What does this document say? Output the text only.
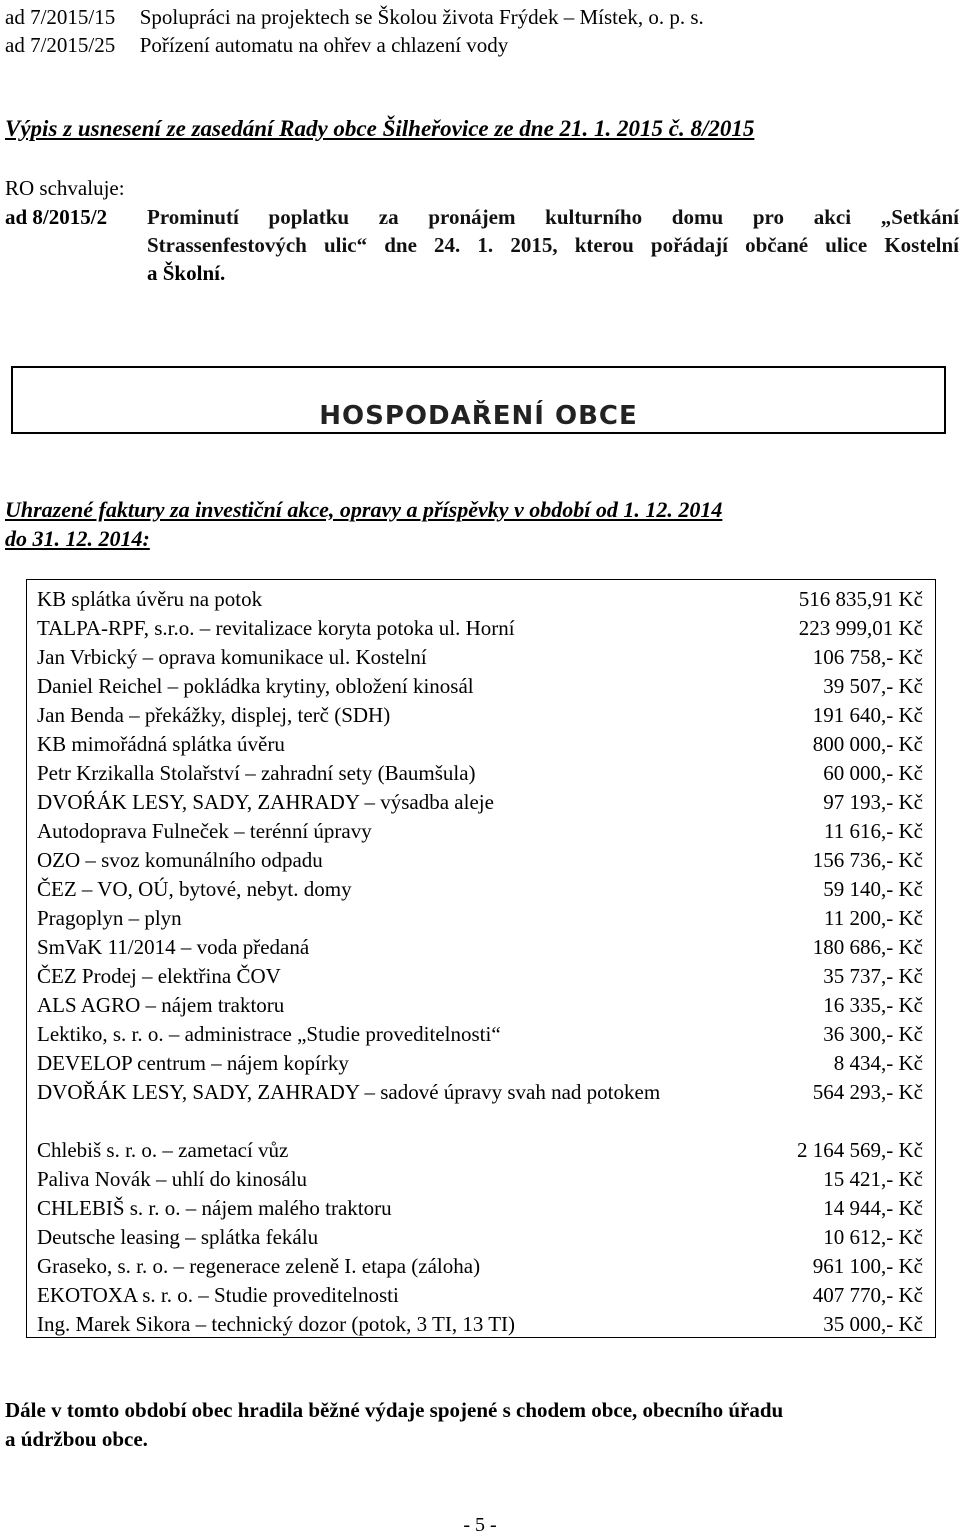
ad 7/2015/15 Spolupráci na projektech se Školou života Frýdek – Místek, o. p. s.
ad 7/2015/25 Pořízení automatu na ohřev a chlazení vody
Výpis z usnesení ze zasedání Rady obce Šilheřovice ze dne 21. 1. 2015 č. 8/2015
RO schvaluje:
ad 8/2015/2 Prominutí poplatku za pronájem kulturního domu pro akci „Setkání
Strassenfestových ulic“ dne 24. 1. 2015, kterou pořádají občané ulice Kostelní
a Školní.
HOSPODAŘENÍ OBCE
Uhrazené faktury za investiční akce, opravy a příspěvky v období od 1. 12. 2014
do 31. 12. 2014:
KB splátka úvěru na potok	516 835,91 Kč
TALPA-RPF, s.r.o. – revitalizace koryta potoka ul. Horní	223 999,01 Kč
Jan Vrbický – oprava komunikace ul. Kostelní	106 758,- Kč
Daniel Reichel – pokládka krytiny, obložení kinosál	39 507,- Kč
Jan Benda – překážky, displej, terč (SDH)	191 640,- Kč
KB mimořádná splátka úvěru	800 000,- Kč
Petr Krzikalla Stolařství – zahradní sety (Baumšula)	60 000,- Kč
DVOŔÁK LESY, SADY, ZAHRADY – výsadba aleje	97 193,- Kč
Autodoprava Fulneček – terénní úpravy	11 616,- Kč
OZO – svoz komunálního odpadu	156 736,- Kč
ČEZ – VO, OÚ, bytové, nebyt. domy	59 140,- Kč
Pragoplyn – plyn	11 200,- Kč
SmVaK 11/2014 – voda předaná	180 686,- Kč
ČEZ Prodej – elektřina ČOV	35 737,- Kč
ALS AGRO – nájem traktoru	16 335,- Kč
Lektiko, s. r. o. – administrace „Studie proveditelnosti“	36 300,- Kč
DEVELOP centrum – nájem kopírky	8 434,- Kč
DVOŘÁK LESY, SADY, ZAHRADY – sadové úpravy svah nad potokem	564 293,- Kč
Chlebiš s. r. o. – zametací vůz	2 164 569,- Kč
Paliva Novák – uhlí do kinosálu	15 421,- Kč
CHLEBIŠ s. r. o. – nájem malého traktoru	14 944,- Kč
Deutsche leasing – splátka fekálu	10 612,- Kč
Graseko, s. r. o. – regenerace zeleně I. etapa (záloha)	961 100,- Kč
EKOTOXA s. r. o. – Studie proveditelnosti	407 770,- Kč
Ing. Marek Sikora – technický dozor (potok, 3 TI, 13 TI)	35 000,- Kč
Dále v tomto období obec hradila běžné výdaje spojené s chodem obce, obecního úřadu
a údržbou obce.
- 5 -
